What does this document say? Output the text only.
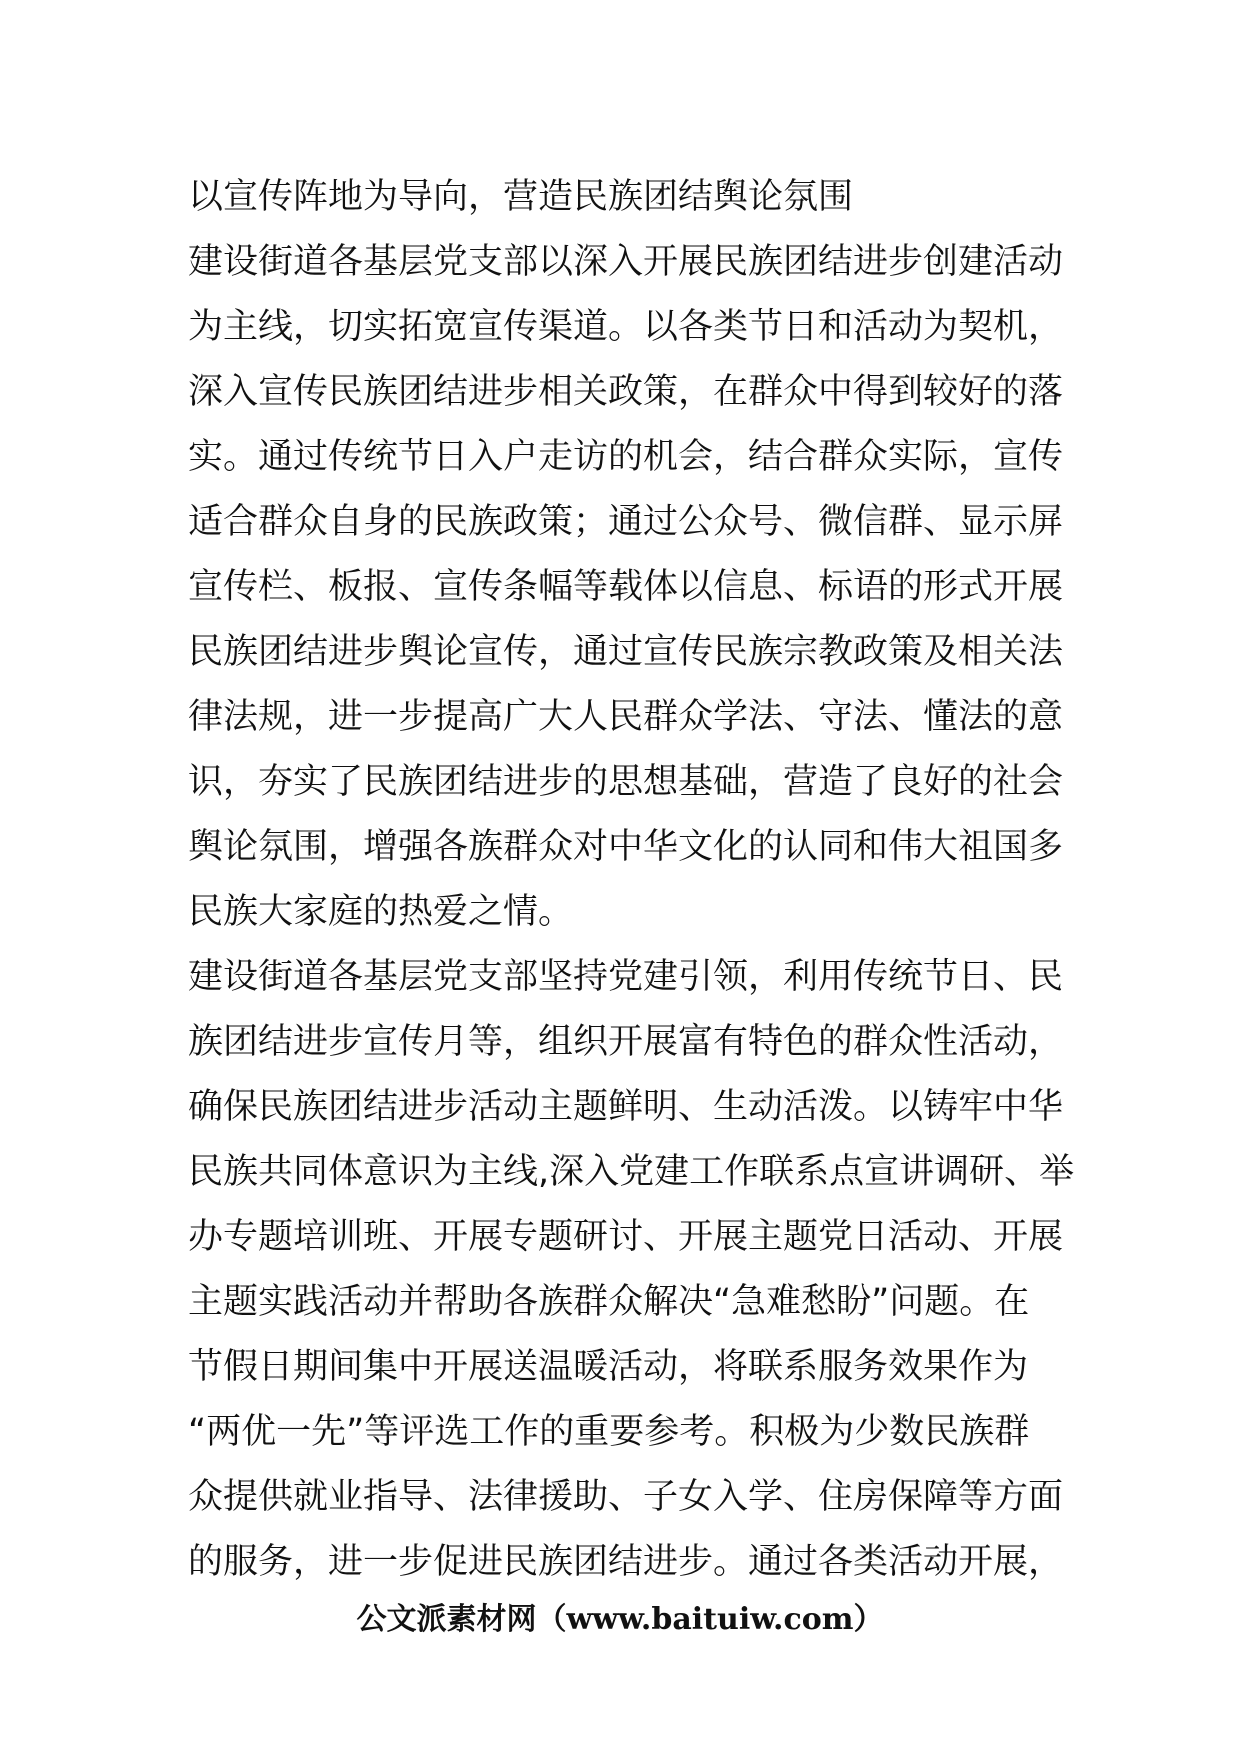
以宣传阵地为导向，营造民族团结舆论氛围
建设街道各基层党支部以深入开展民族团结进步创建活动
为主线，切实拓宽宣传渠道。以各类节日和活动为契机，
深入宣传民族团结进步相关政策，在群众中得到较好的落
实。通过传统节日入户走访的机会，结合群众实际，宣传
适合群众自身的民族政策；通过公众号、微信群、显示屏
宣传栏、板报、宣传条幅等载体以信息、标语的形式开展
民族团结进步舆论宣传，通过宣传民族宗教政策及相关法
律法规，进一步提高广大人民群众学法、守法、懂法的意
识，夯实了民族团结进步的思想基础，营造了良好的社会
舆论氛围，增强各族群众对中华文化的认同和伟大祖国多
民族大家庭的热爱之情。
建设街道各基层党支部坚持党建引领，利用传统节日、民
族团结进步宣传月等，组织开展富有特色的群众性活动，
确保民族团结进步活动主题鲜明、生动活泼。以铸牢中华
民族共同体意识为主线,深入党建工作联系点宣讲调研、举
办专题培训班、开展专题研讨、开展主题党日活动、开展
主题实践活动并帮助各族群众解决“急难愁盼”问题。在
节假日期间集中开展送温暖活动，将联系服务效果作为
“两优一先”等评选工作的重要参考。积极为少数民族群
众提供就业指导、法律援助、子女入学、住房保障等方面
的服务，进一步促进民族团结进步。通过各类活动开展，
公文派素材网（www.baituiw.com）
